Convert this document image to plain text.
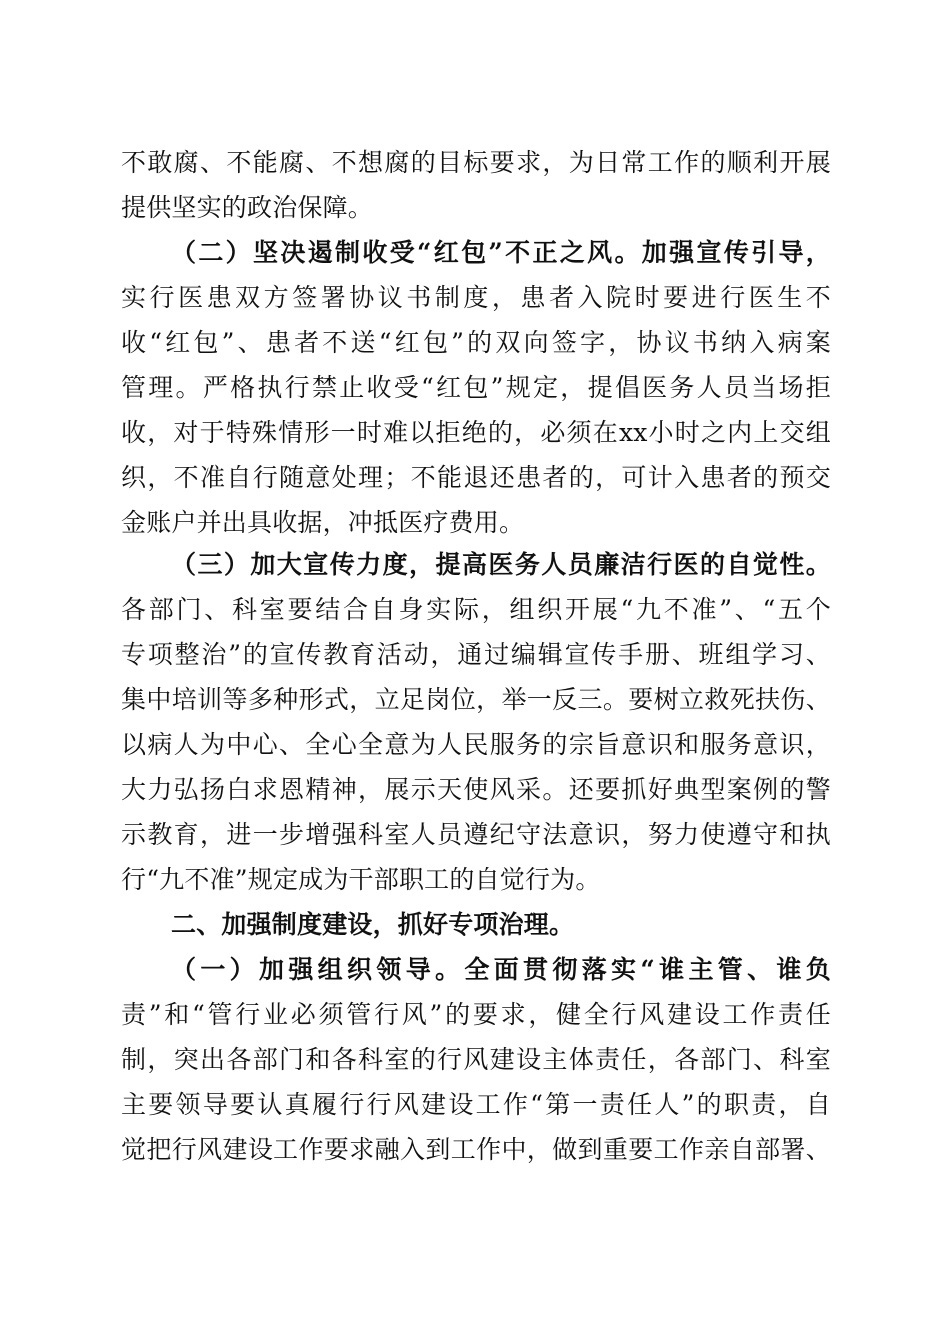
不敢腐、不能腐、不想腐的目标要求，为日常工作的顺利开展
提供坚实的政治保障。
（二）坚决遏制收受“红包”不正之风。加强宣传引导，
实行医患双方签署协议书制度，患者入院时要进行医生不
收“红包”、患者不送“红包”的双向签字，协议书纳入病案
管理。严格执行禁止收受“红包”规定，提倡医务人员当场拒
收，对于特殊情形一时难以拒绝的，必须在xx小时之内上交组
织，不准自行随意处理；不能退还患者的，可计入患者的预交
金账户并出具收据，冲抵医疗费用。
（三）加大宣传力度，提高医务人员廉洁行医的自觉性。
各部门、科室要结合自身实际，组织开展“九不准”、“五个
专项整治”的宣传教育活动，通过编辑宣传手册、班组学习、
集中培训等多种形式，立足岗位，举一反三。要树立救死扶伤、
以病人为中心、全心全意为人民服务的宗旨意识和服务意识，
大力弘扬白求恩精神，展示天使风采。还要抓好典型案例的警
示教育，进一步增强科室人员遵纪守法意识，努力使遵守和执
行“九不准”规定成为干部职工的自觉行为。
二、加强制度建设，抓好专项治理。
（一）加强组织领导。全面贯彻落实“谁主管、谁负
责”和“管行业必须管行风”的要求，健全行风建设工作责任
制，突出各部门和各科室的行风建设主体责任，各部门、科室
主要领导要认真履行行风建设工作“第一责任人”的职责，自
觉把行风建设工作要求融入到工作中，做到重要工作亲自部署、
